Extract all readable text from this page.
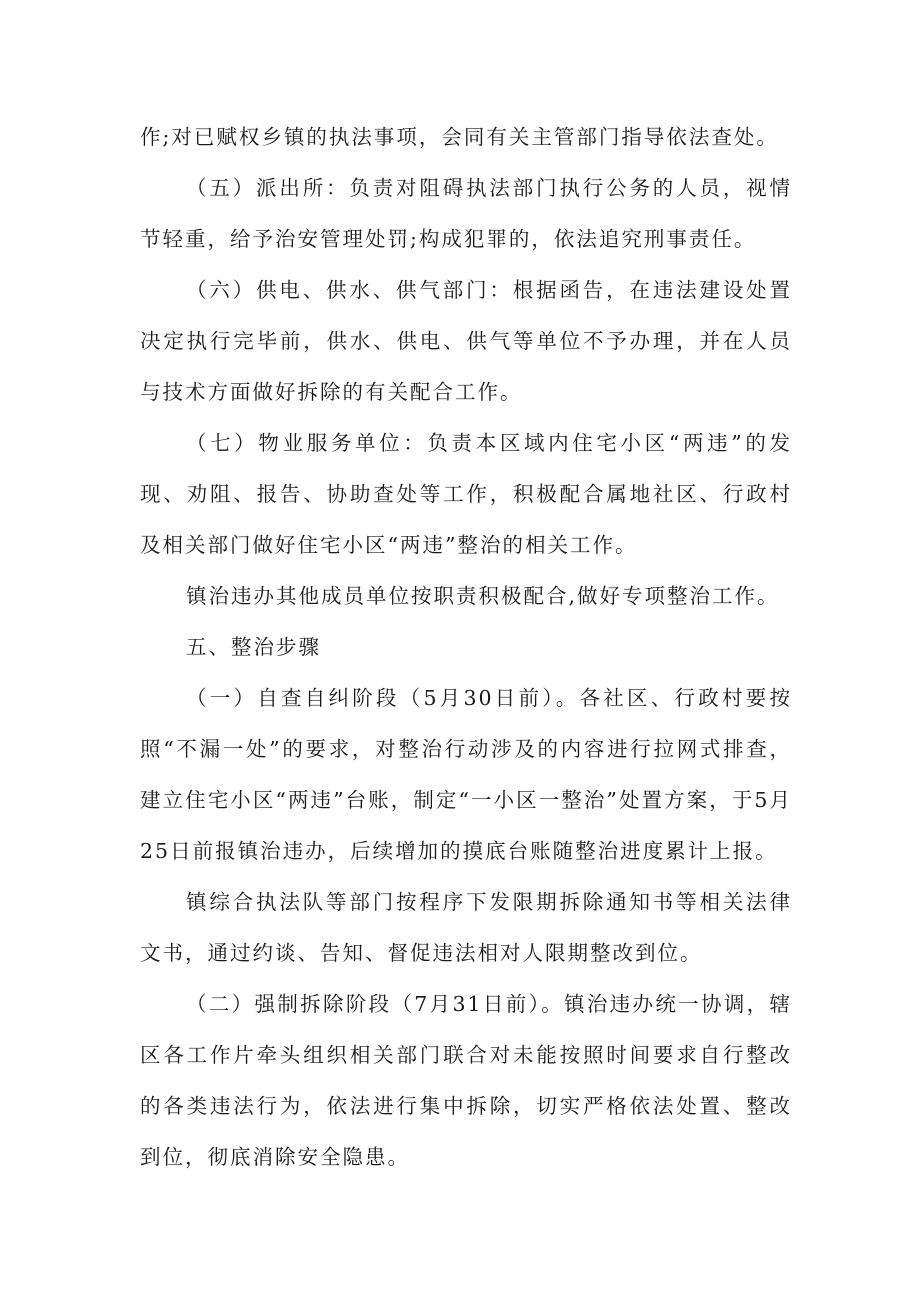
作;对已赋权乡镇的执法事项，会同有关主管部门指导依法查处。

（五）派出所：负责对阻碍执法部门执行公务的人员，视情节轻重，给予治安管理处罚;构成犯罪的，依法追究刑事责任。

（六）供电、供水、供气部门：根据函告，在违法建设处置决定执行完毕前，供水、供电、供气等单位不予办理，并在人员与技术方面做好拆除的有关配合工作。

（七）物业服务单位：负责本区域内住宅小区“两违”的发现、劝阻、报告、协助查处等工作，积极配合属地社区、行政村及相关部门做好住宅小区“两违”整治的相关工作。

镇治违办其他成员单位按职责积极配合,做好专项整治工作。

五、整治步骤

（一）自查自纠阶段（5月30日前）。各社区、行政村要按照“不漏一处”的要求，对整治行动涉及的内容进行拉网式排查，建立住宅小区“两违”台账，制定“一小区一整治”处置方案，于5月25日前报镇治违办，后续增加的摸底台账随整治进度累计上报。

镇综合执法队等部门按程序下发限期拆除通知书等相关法律文书，通过约谈、告知、督促违法相对人限期整改到位。

（二）强制拆除阶段（7月31日前）。镇治违办统一协调，辖区各工作片牵头组织相关部门联合对未能按照时间要求自行整改的各类违法行为，依法进行集中拆除，切实严格依法处置、整改到位，彻底消除安全隐患。
